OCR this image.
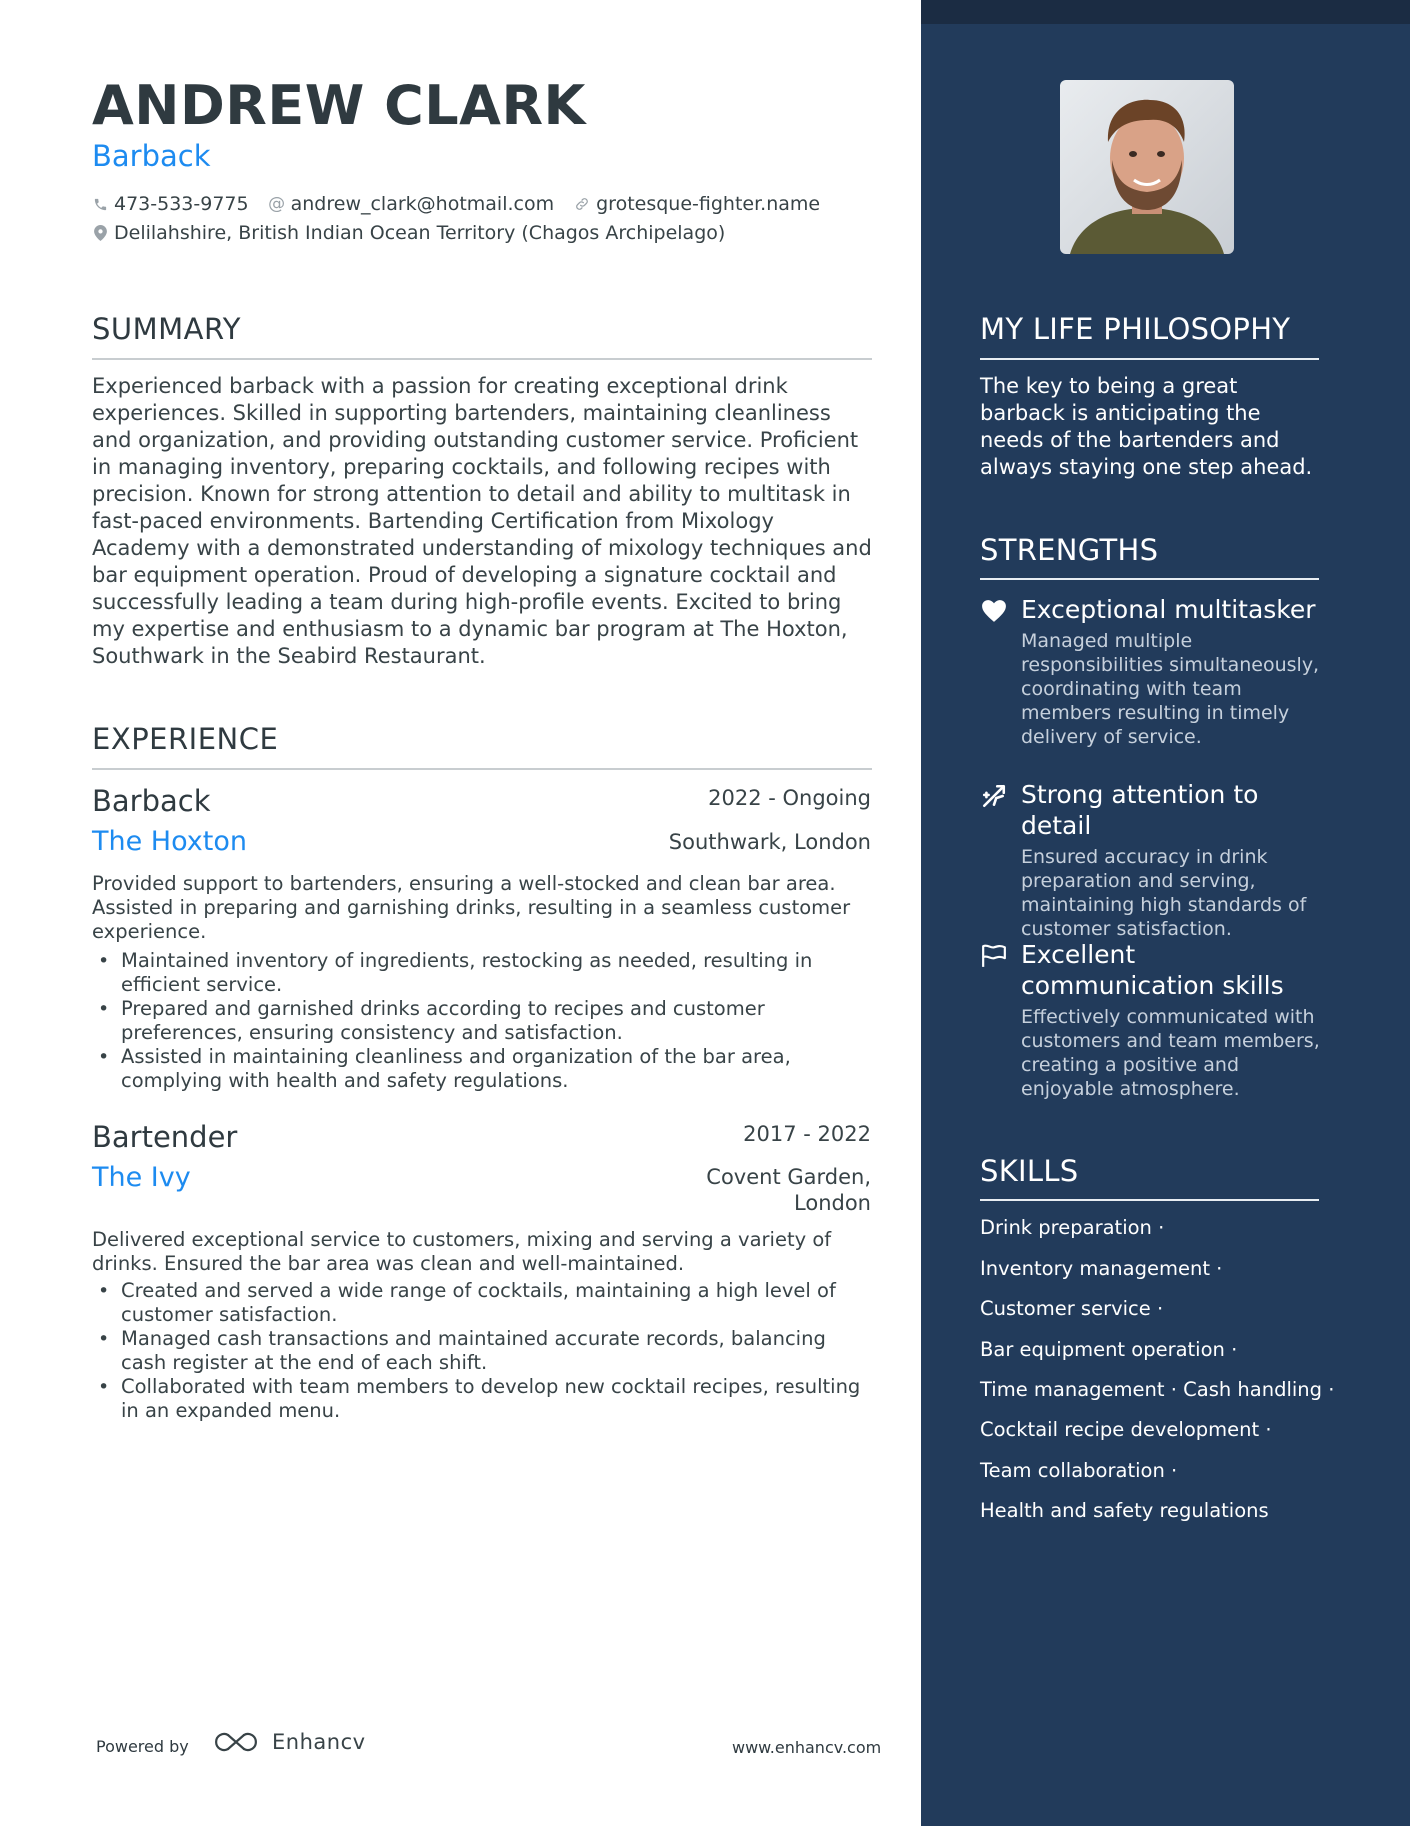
ANDREW CLARK
Barback
473-533-9775 @ andrew_clark@hotmail.com grotesque-fighter.name
Delilahshire, British Indian Ocean Territory (Chagos Archipelago)
SUMMARY
Experienced barback with a passion for creating exceptional drink experiences. Skilled in supporting bartenders, maintaining cleanliness and organization, and providing outstanding customer service. Proficient in managing inventory, preparing cocktails, and following recipes with precision. Known for strong attention to detail and ability to multitask in fast-paced environments. Bartending Certification from Mixology Academy with a demonstrated understanding of mixology techniques and bar equipment operation. Proud of developing a signature cocktail and successfully leading a team during high-profile events. Excited to bring my expertise and enthusiasm to a dynamic bar program at The Hoxton, Southwark in the Seabird Restaurant.
EXPERIENCE
Barback	2022 - Ongoing
The Hoxton	Southwark, London
Provided support to bartenders, ensuring a well-stocked and clean bar area. Assisted in preparing and garnishing drinks, resulting in a seamless customer experience.
• Maintained inventory of ingredients, restocking as needed, resulting in efficient service.
• Prepared and garnished drinks according to recipes and customer preferences, ensuring consistency and satisfaction.
• Assisted in maintaining cleanliness and organization of the bar area, complying with health and safety regulations.
Bartender	2017 - 2022
The Ivy	Covent Garden, London
Delivered exceptional service to customers, mixing and serving a variety of drinks. Ensured the bar area was clean and well-maintained.
• Created and served a wide range of cocktails, maintaining a high level of customer satisfaction.
• Managed cash transactions and maintained accurate records, balancing cash register at the end of each shift.
• Collaborated with team members to develop new cocktail recipes, resulting in an expanded menu.
Powered by	Enhancv	www.enhancv.com
MY LIFE PHILOSOPHY
The key to being a great barback is anticipating the needs of the bartenders and always staying one step ahead.
STRENGTHS
Exceptional multitasker
Managed multiple responsibilities simultaneously, coordinating with team members resulting in timely delivery of service.
Strong attention to detail
Ensured accuracy in drink preparation and serving, maintaining high standards of customer satisfaction.
Excellent communication skills
Effectively communicated with customers and team members, creating a positive and enjoyable atmosphere.
SKILLS
Drink preparation ·
Inventory management ·
Customer service ·
Bar equipment operation ·
Time management · Cash handling ·
Cocktail recipe development ·
Team collaboration ·
Health and safety regulations
